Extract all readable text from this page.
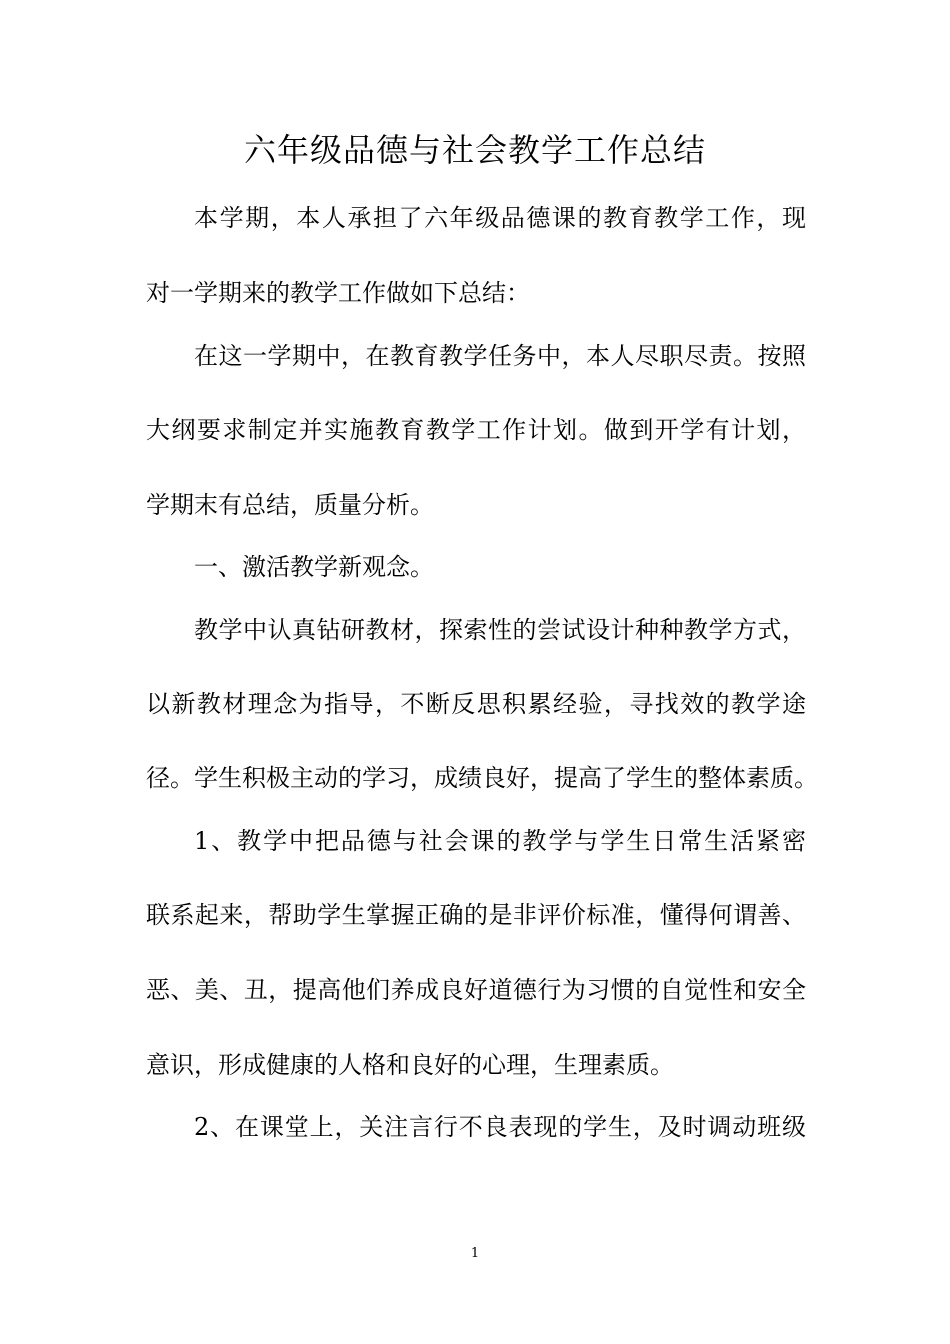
六年级品德与社会教学工作总结
本学期，本人承担了六年级品德课的教育教学工作，现
对一学期来的教学工作做如下总结：
在这一学期中，在教育教学任务中，本人尽职尽责。按照
大纲要求制定并实施教育教学工作计划。做到开学有计划，
学期末有总结，质量分析。
一、激活教学新观念。
教学中认真钻研教材，探索性的尝试设计种种教学方式，
以新教材理念为指导，不断反思积累经验，寻找效的教学途
径。学生积极主动的学习，成绩良好，提高了学生的整体素质。
1、教学中把品德与社会课的教学与学生日常生活紧密
联系起来，帮助学生掌握正确的是非评价标准，懂得何谓善、
恶、美、丑，提高他们养成良好道德行为习惯的自觉性和安全
意识，形成健康的人格和良好的心理，生理素质。
2、在课堂上，关注言行不良表现的学生，及时调动班级
1
